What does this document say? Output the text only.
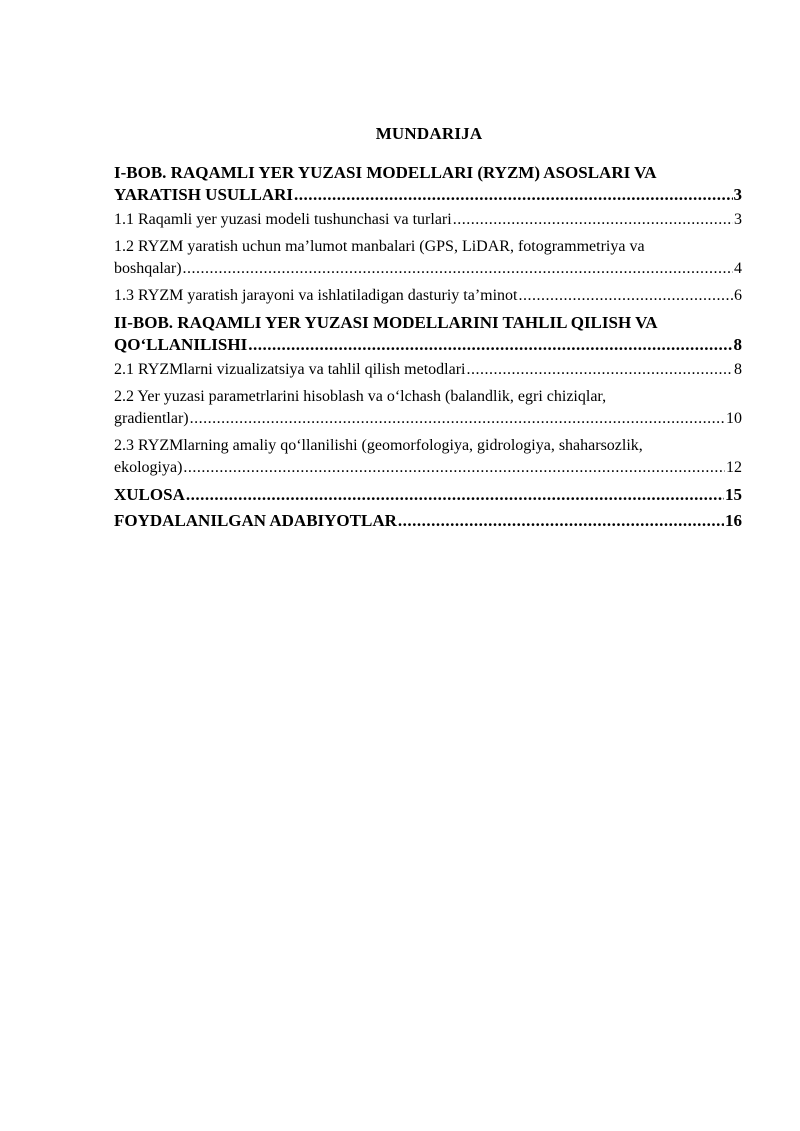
MUNDARIJA
I-BOB. RAQAMLI YER YUZASI MODELLARI (RYZM) ASOSLARI VA
YARATISH USULLARI .....	3
1.1 Raqamli yer yuzasi modeli tushunchasi va turlari .....	3
1.2 RYZM yaratish uchun ma’lumot manbalari (GPS, LiDAR, fotogrammetriya va
boshqalar) .....	4
1.3 RYZM yaratish jarayoni va ishlatiladigan dasturiy ta’minot .....	6
II-BOB. RAQAMLI YER YUZASI MODELLARINI TAHLIL QILISH VA
QO‘LLANILISHI .....	8
2.1 RYZMlarni vizualizatsiya va tahlil qilish metodlari .....	8
2.2 Yer yuzasi parametrlarini hisoblash va o‘lchash (balandlik, egri chiziqlar,
gradientlar) .....	10
2.3 RYZMlarning amaliy qo‘llanilishi (geomorfologiya, gidrologiya, shaharsozlik,
ekologiya) .....	12
XULOSA .....	15
FOYDALANILGAN ADABIYOTLAR .....	16
